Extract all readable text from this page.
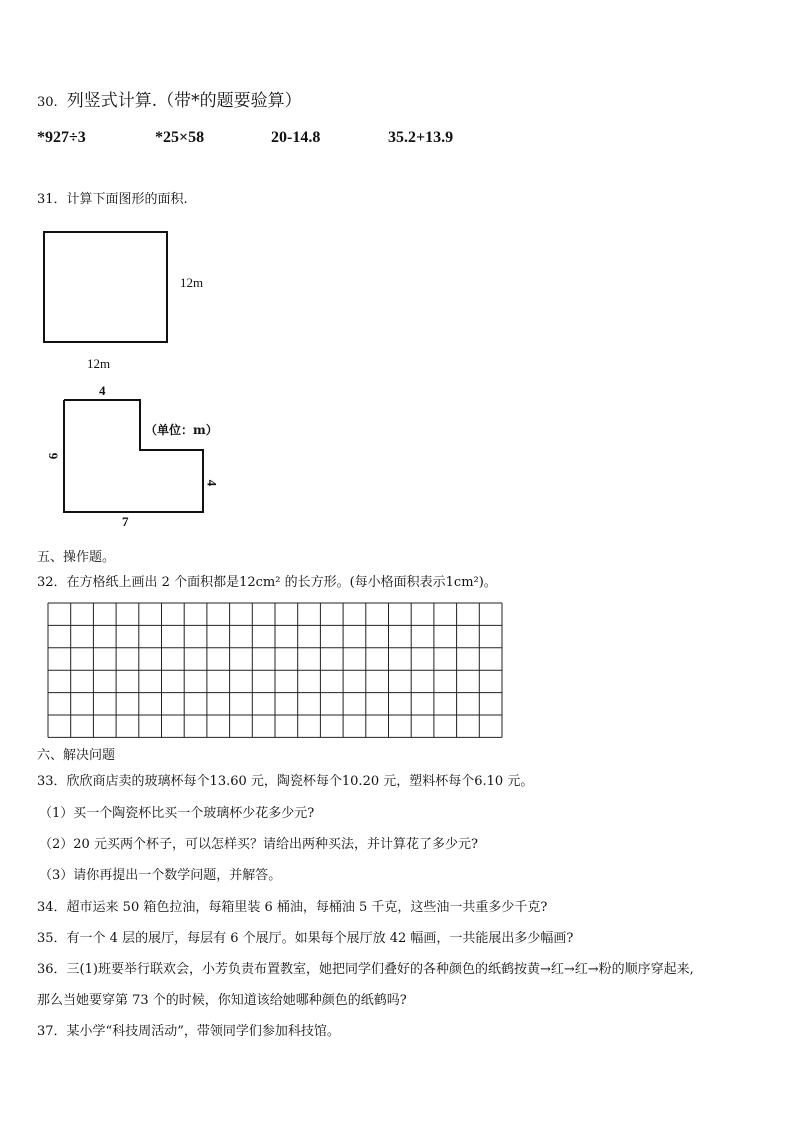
30. 列竖式计算.（带*的题要验算）
*927÷3	*25×58	20-14.8	35.2+13.9
31．计算下面图形的面积.
12m
12m
4
6
4
7
（单位：m）
五、操作题。
32．在方格纸上画出 2 个面积都是12cm² 的长方形。(每小格面积表示1cm²)。
六、解决问题
33．欣欣商店卖的玻璃杯每个13.60 元，陶瓷杯每个10.20 元，塑料杯每个6.10 元。
（1）买一个陶瓷杯比买一个玻璃杯少花多少元?
（2）20 元买两个杯子，可以怎样买？请给出两种买法，并计算花了多少元?
（3）请你再提出一个数学问题，并解答。
34．超市运来 50 箱色拉油，每箱里装 6 桶油，每桶油 5 千克，这些油一共重多少千克?
35．有一个 4 层的展厅，每层有 6 个展厅。如果每个展厅放 42 幅画，一共能展出多少幅画?
36．三(1)班要举行联欢会，小芳负责布置教室，她把同学们叠好的各种颜色的纸鹤按黄→红→红→粉的顺序穿起来,
那么当她要穿第 73 个的时候，你知道该给她哪种颜色的纸鹤吗?
37．某小学“科技周活动”，带领同学们参加科技馆。
